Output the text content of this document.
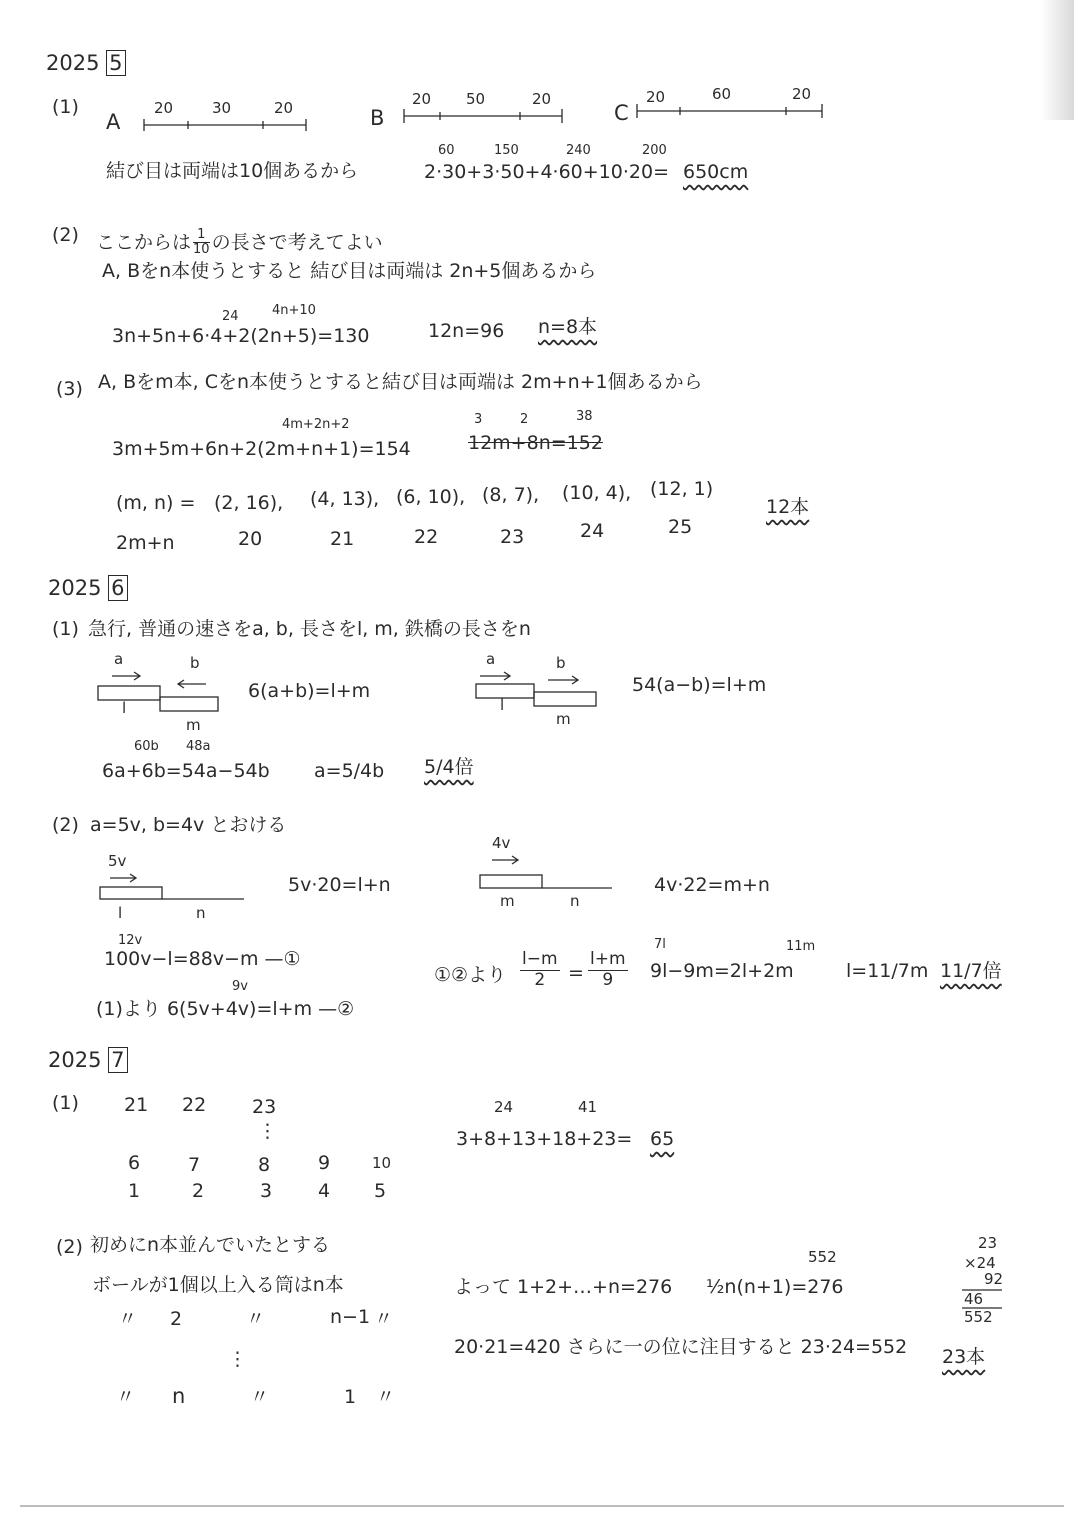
2025 5
(1)
A
20	30	20	B
20 50	20
C
20	60	20
60	150	240	200
結び目は両端は10個あるから	2·30+3·50+4·60+10·20= 650cm
(2) ここからは $\frac{1}{10}$ の長さで考えてよい
A, Bをn本使うとすると 結び目は両端は 2n+5個あるから
24	4n+10
3n+5n+6·4+2(2n+5)=130	12n=96 n=8本
(3) A, Bをm本, Cをn本使うとすると結び目は両端は 2m+n+1個あるから
4m+2n+2	3	2	38
3m+5m+6n+2(2m+n+1)=154	12m+8n=152
(m, n) = (2, 16), (4, 13), (6, 10), (8, 7), (10, 4), (12, 1)
12本
2m+n	20	21	22	23	24	25
2025 6
(1) 急行, 普通の速さをa, b, 長さをl, m, 鉄橋の長さをn
a	b
l
m
6(a+b)=l+m
a	b
l
m
54(a−b)=l+m
60b 48a
6a+6b=54a−54b a=5/4b 5/4倍
(2) a=5v, b=4v とおける
5v
l	n
5v·20=l+n
4v
m	n
4v·22=m+n
12v
100v−l=88v−m —①
9v
(1)より 6(5v+4v)=l+m —②
①②より $\frac{l-m}{2} = \frac{l+m}{9}$
7l	11m
9l−9m=2l+2m	l=11/7m 11/7倍
2025 7
(1) 21 22 23
⋮
6	7	8	9	10
1	2	3 4 5
24	41
3+8+13+18+23= 65
(2) 初めにn本並んでいたとする
ボールが1個以上入る筒はn本
〃 2	〃	n−1 〃
⋮
〃 n	〃	1 〃
よって 1+2+…+n=276
552
½n(n+1)=276
20·21=420 さらに一の位に注目すると 23·24=552 23本
23
×24
92
46
552
